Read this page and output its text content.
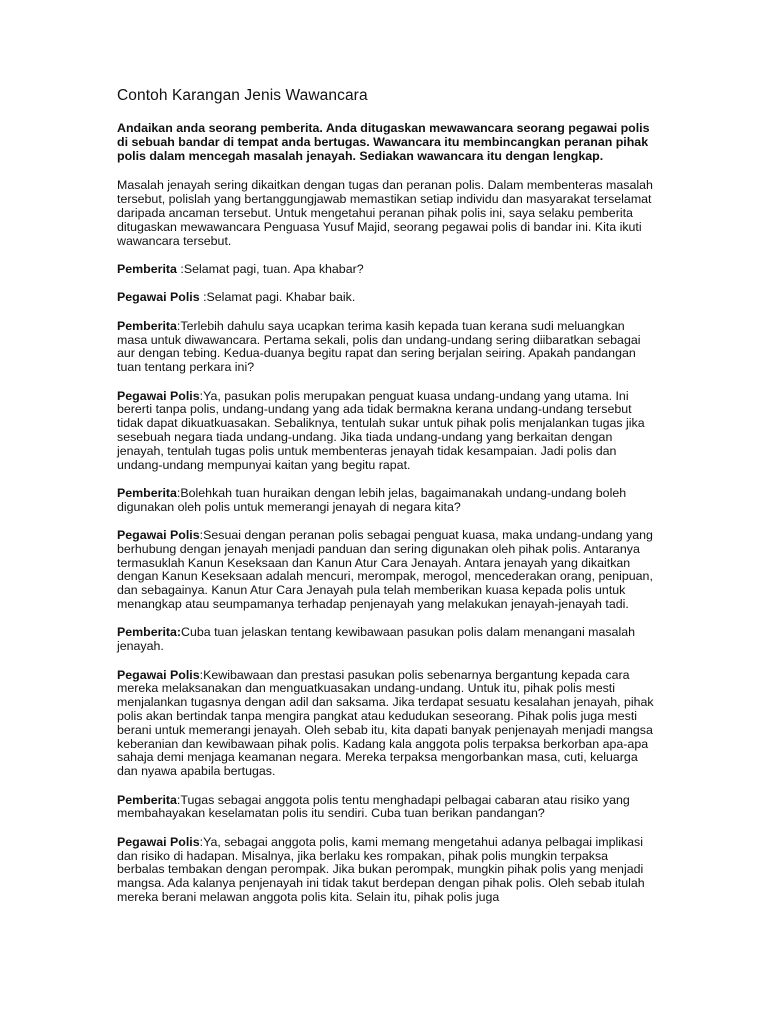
Contoh Karangan Jenis Wawancara

Andaikan anda seorang pemberita. Anda ditugaskan mewawancara seorang pegawai polis di sebuah bandar di tempat anda bertugas. Wawancara itu membincangkan peranan pihak polis dalam mencegah masalah jenayah. Sediakan wawancara itu dengan lengkap.

Masalah jenayah sering dikaitkan dengan tugas dan peranan polis. Dalam membenteras masalah tersebut, polislah yang bertanggungjawab memastikan setiap individu dan masyarakat terselamat daripada ancaman tersebut. Untuk mengetahui peranan pihak polis ini, saya selaku pemberita ditugaskan mewawancara Penguasa Yusuf Majid, seorang pegawai polis di bandar ini. Kita ikuti wawancara tersebut.

Pemberita :Selamat pagi, tuan. Apa khabar?

Pegawai Polis :Selamat pagi. Khabar baik.

Pemberita:Terlebih dahulu saya ucapkan terima kasih kepada tuan kerana sudi meluangkan masa untuk diwawancara. Pertama sekali, polis dan undang-undang sering diibaratkan sebagai aur dengan tebing. Kedua-duanya begitu rapat dan sering berjalan seiring. Apakah pandangan tuan tentang perkara ini?

Pegawai Polis:Ya, pasukan polis merupakan penguat kuasa undang-undang yang utama. Ini bererti tanpa polis, undang-undang yang ada tidak bermakna kerana undang-undang tersebut tidak dapat dikuatkuasakan. Sebaliknya, tentulah sukar untuk pihak polis menjalankan tugas jika sesebuah negara tiada undang-undang. Jika tiada undang-undang yang berkaitan dengan jenayah, tentulah tugas polis untuk membenteras jenayah tidak kesampaian. Jadi polis dan undang-undang mempunyai kaitan yang begitu rapat.

Pemberita:Bolehkah tuan huraikan dengan lebih jelas, bagaimanakah undang-undang boleh digunakan oleh polis untuk memerangi jenayah di negara kita?

Pegawai Polis:Sesuai dengan peranan polis sebagai penguat kuasa, maka undang-undang yang berhubung dengan jenayah menjadi panduan dan sering digunakan oleh pihak polis. Antaranya termasuklah Kanun Keseksaan dan Kanun Atur Cara Jenayah. Antara jenayah yang dikaitkan dengan Kanun Keseksaan adalah mencuri, merompak, merogol, mencederakan orang, penipuan, dan sebagainya. Kanun Atur Cara Jenayah pula telah memberikan kuasa kepada polis untuk menangkap atau seumpamanya terhadap penjenayah yang melakukan jenayah-jenayah tadi.

Pemberita:Cuba tuan jelaskan tentang kewibawaan pasukan polis dalam menangani masalah jenayah.

Pegawai Polis:Kewibawaan dan prestasi pasukan polis sebenarnya bergantung kepada cara mereka melaksanakan dan menguatkuasakan undang-undang. Untuk itu, pihak polis mesti menjalankan tugasnya dengan adil dan saksama. Jika terdapat sesuatu kesalahan jenayah, pihak polis akan bertindak tanpa mengira pangkat atau kedudukan seseorang. Pihak polis juga mesti berani untuk memerangi jenayah. Oleh sebab itu, kita dapati banyak penjenayah menjadi mangsa keberanian dan kewibawaan pihak polis. Kadang kala anggota polis terpaksa berkorban apa-apa sahaja demi menjaga keamanan negara. Mereka terpaksa mengorbankan masa, cuti, keluarga dan nyawa apabila bertugas.

Pemberita:Tugas sebagai anggota polis tentu menghadapi pelbagai cabaran atau risiko yang membahayakan keselamatan polis itu sendiri. Cuba tuan berikan pandangan?

Pegawai Polis:Ya, sebagai anggota polis, kami memang mengetahui adanya pelbagai implikasi dan risiko di hadapan. Misalnya, jika berlaku kes rompakan, pihak polis mungkin terpaksa berbalas tembakan dengan perompak. Jika bukan perompak, mungkin pihak polis yang menjadi mangsa. Ada kalanya penjenayah ini tidak takut berdepan dengan pihak polis. Oleh sebab itulah mereka berani melawan anggota polis kita. Selain itu, pihak polis juga
